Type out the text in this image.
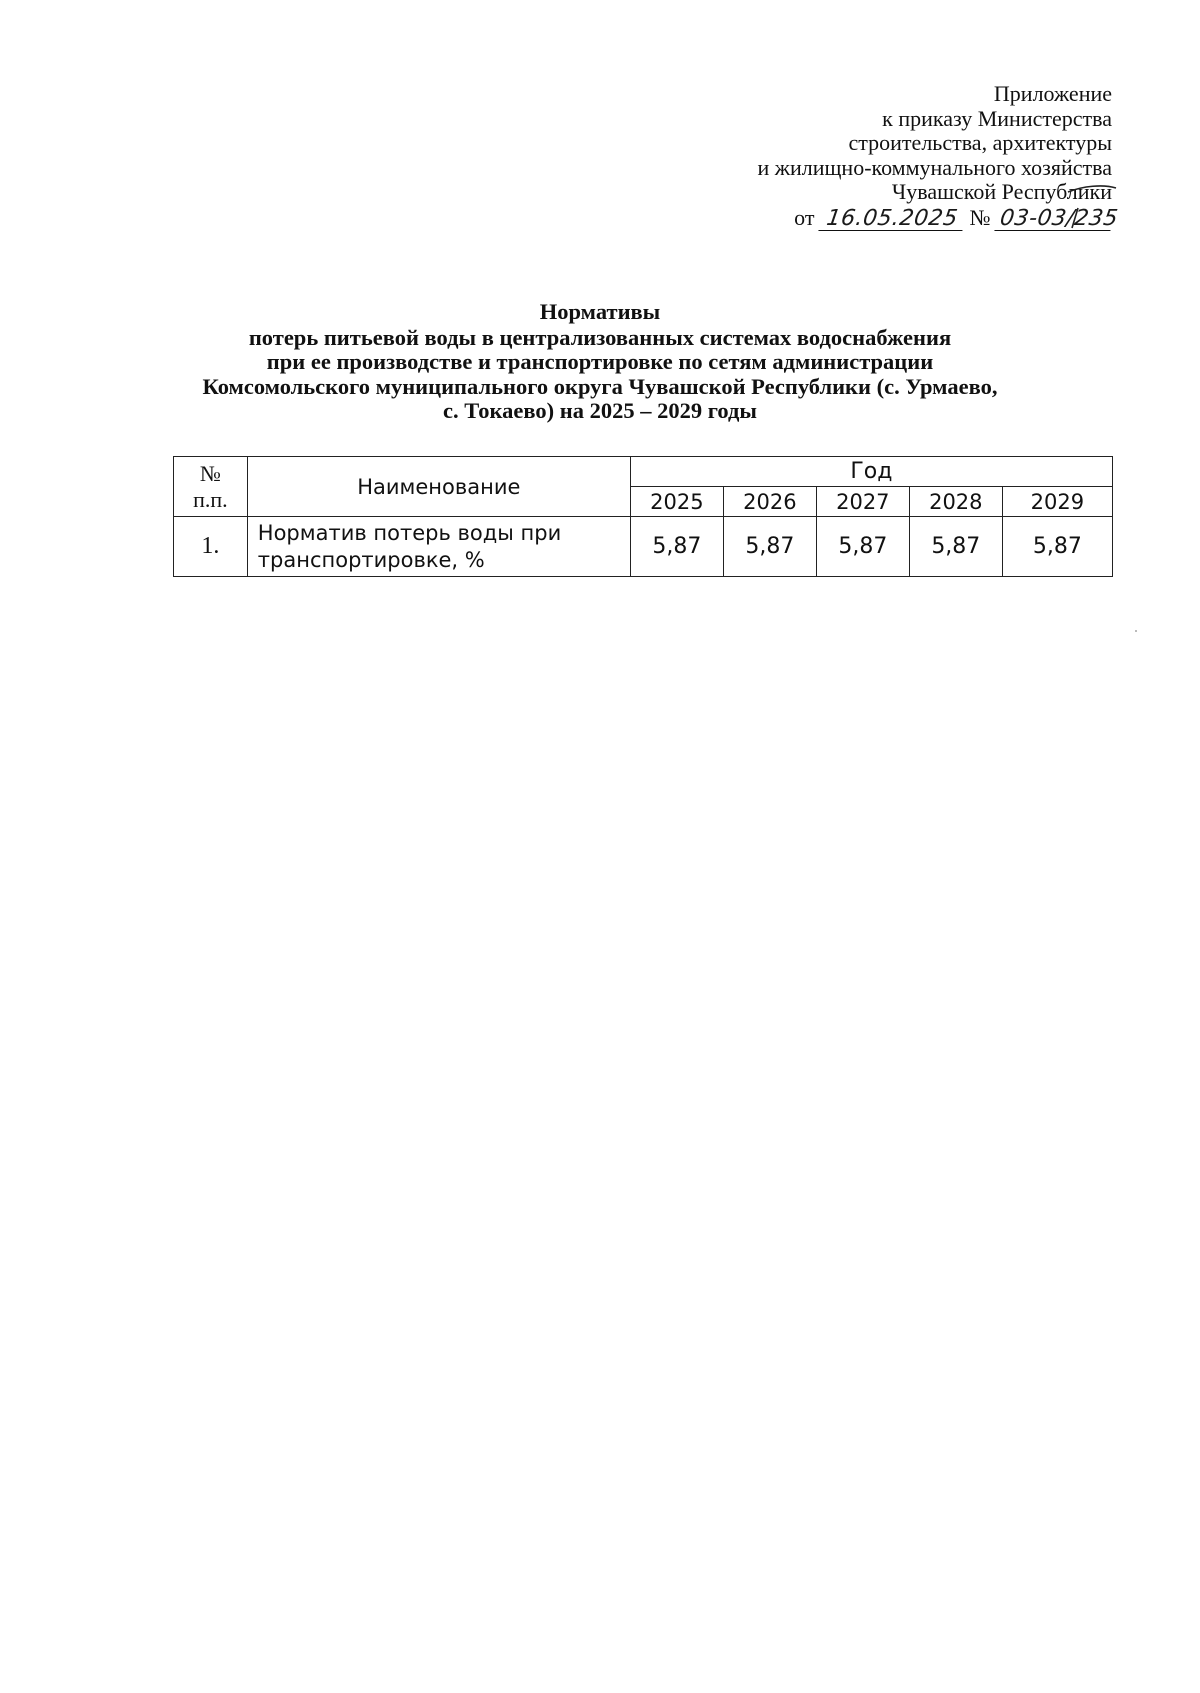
Приложение
к приказу Министерства
строительства, архитектуры
и жилищно-коммунального хозяйства
Чувашской Республики
от 16.05.2025 № 03-03/235
Нормативы
потерь питьевой воды в централизованных системах водоснабжения
при ее производстве и транспортировке по сетям администрации
Комсомольского муниципального округа Чувашской Республики (с. Урмаево,
с. Токаево) на 2025 – 2029 годы
№
п.п.	Наименование	Год				
		2025	2026	2027	2028	2029
1.	Норматив потерь воды при транспортировке, %	5,87	5,87	5,87	5,87	5,87
